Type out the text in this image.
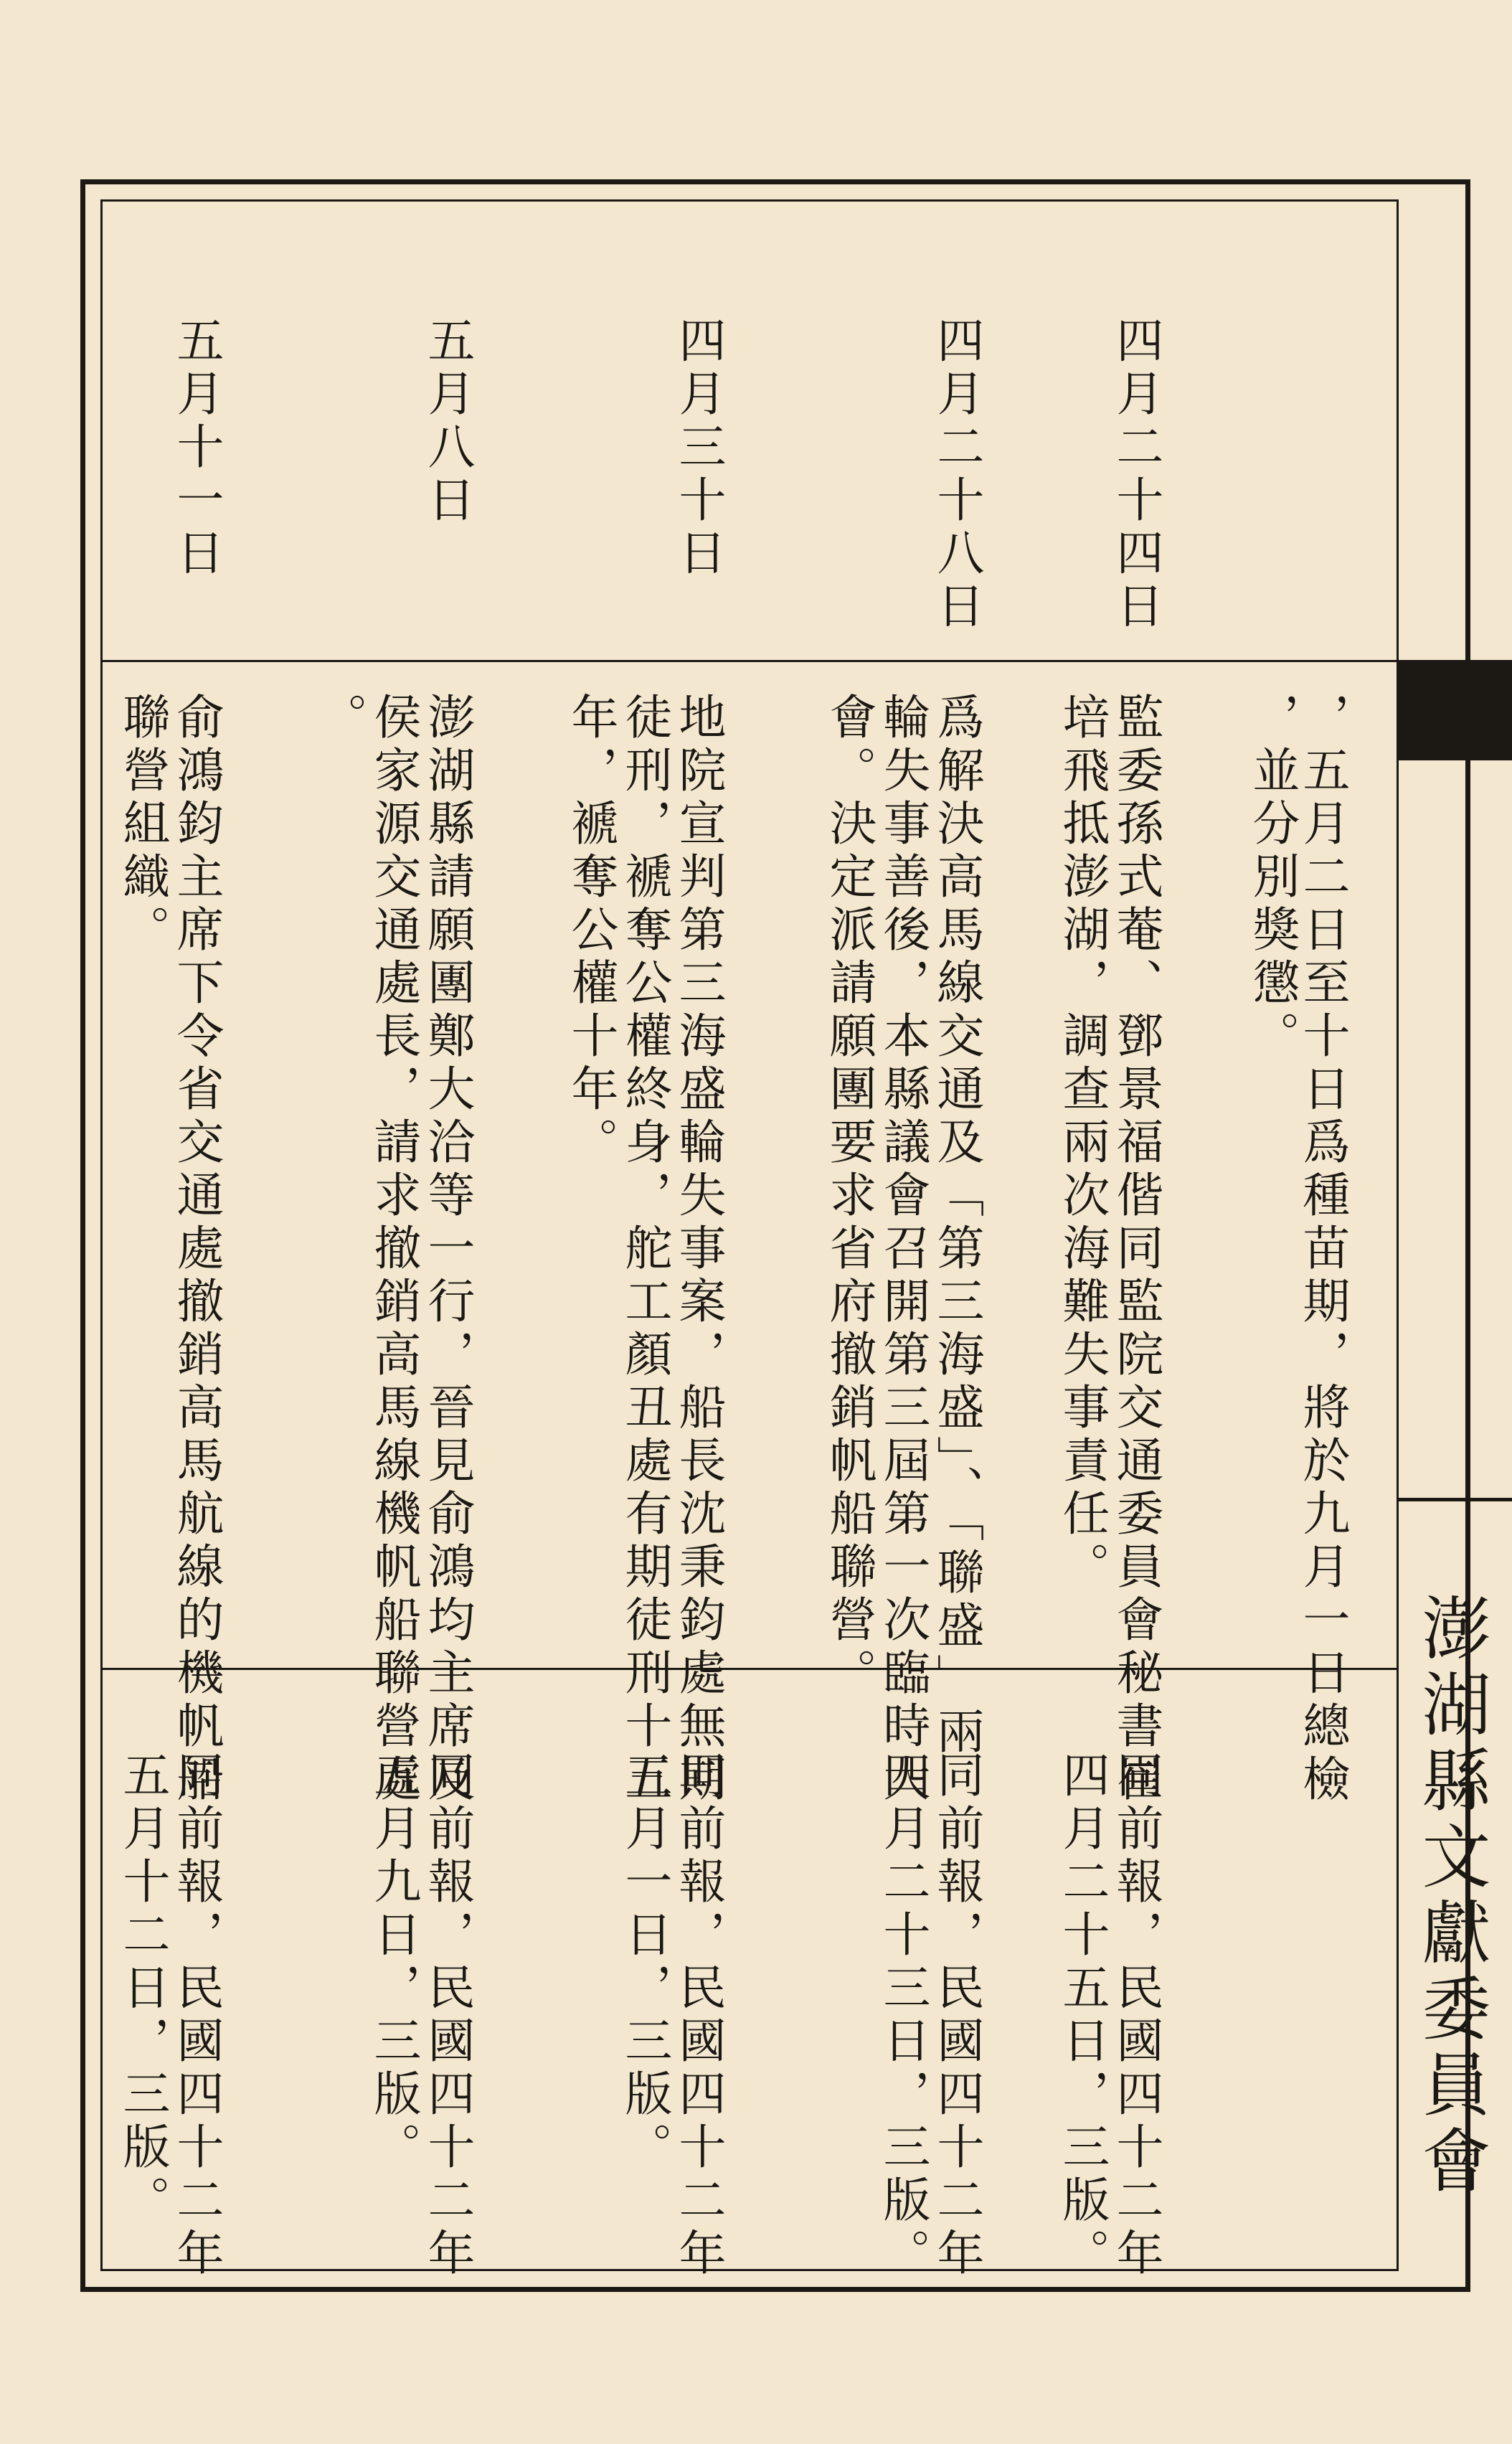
澎湖縣文獻委員會
四月二十四日
，五月二日至十日爲種苗期，將於九月一日總檢
，並分別獎懲。
監委孫式菴、鄧景福偕同監院交通委員會秘書崔
培飛抵澎湖，調查兩次海難失事責任。
同前報，民國四十二年
四月二十五日，三版。
四月二十八日
爲解決高馬線交通及「第三海盛」、「聯盛」兩
輪失事善後，本縣議會召開第三屆第一次臨時大
會。決定派請願團要求省府撤銷帆船聯營。
同前報，民國四十二年
四月二十三日，三版。
四月三十日
地院宣判第三海盛輪失事案，船長沈秉鈞處無期
徒刑，褫奪公權終身，舵工顏丑處有期徒刑十五
年，褫奪公權十年。
同前報，民國四十二年
五月一日，三版。
五月八日
澎湖縣請願團鄭大洽等一行，晉見俞鴻均主席及
侯家源交通處長，請求撤銷高馬線機帆船聯營處
。
同前報，民國四十二年
五月九日，三版。
五月十一日
俞鴻鈞主席下令省交通處撤銷高馬航線的機帆船
聯營組織。
同前報，民國四十二年
五月十二日，三版。
